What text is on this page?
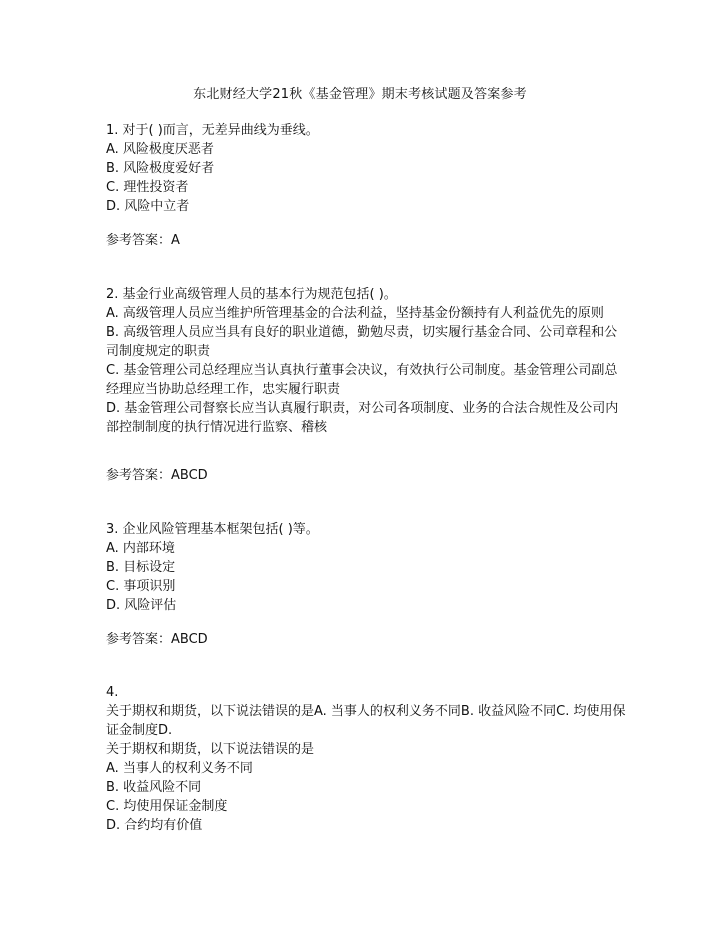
东北财经大学21秋《基金管理》期末考核试题及答案参考
1. 对于( )而言，无差异曲线为垂线。
A. 风险极度厌恶者
B. 风险极度爱好者
C. 理性投资者
D. 风险中立者
参考答案：A
2. 基金行业高级管理人员的基本行为规范包括( )。
A. 高级管理人员应当维护所管理基金的合法利益，坚持基金份额持有人利益优先的原则
B. 高级管理人员应当具有良好的职业道德，勤勉尽责，切实履行基金合同、公司章程和公司制度规定的职责
C. 基金管理公司总经理应当认真执行董事会决议，有效执行公司制度。基金管理公司副总经理应当协助总经理工作，忠实履行职责
D. 基金管理公司督察长应当认真履行职责，对公司各项制度、业务的合法合规性及公司内部控制制度的执行情况进行监察、稽核
参考答案：ABCD
3. 企业风险管理基本框架包括( )等。
A. 内部环境
B. 目标设定
C. 事项识别
D. 风险评估
参考答案：ABCD
4.
关于期权和期货，以下说法错误的是A. 当事人的权利义务不同B. 收益风险不同C. 均使用保证金制度D.
关于期权和期货，以下说法错误的是
A. 当事人的权利义务不同
B. 收益风险不同
C. 均使用保证金制度
D. 合约均有价值
